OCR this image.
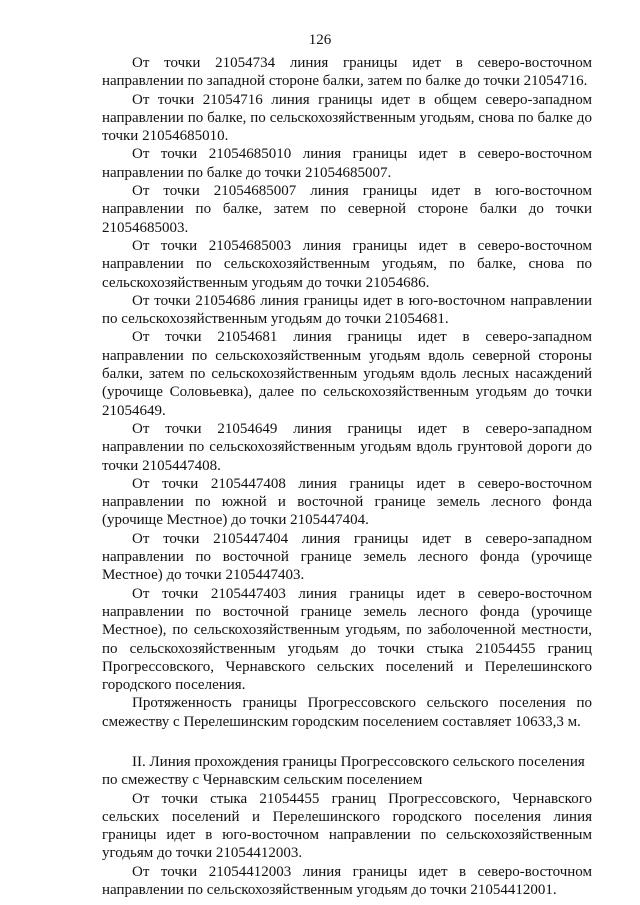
126

От точки 21054734 линия границы идет в северо-восточном направлении по западной стороне балки, затем по балке до точки 21054716.

От точки 21054716 линия границы идет в общем северо-западном направлении по балке, по сельскохозяйственным угодьям, снова по балке до точки 21054685010.

От точки 21054685010 линия границы идет в северо-восточном направлении по балке до точки 21054685007.

От точки 21054685007 линия границы идет в юго-восточном направлении по балке, затем по северной стороне балки до точки 21054685003.

От точки 21054685003 линия границы идет в северо-восточном направлении по сельскохозяйственным угодьям, по балке, снова по сельскохозяйственным угодьям до точки 21054686.

От точки 21054686 линия границы идет в юго-восточном направлении по сельскохозяйственным угодьям до точки 21054681.

От точки 21054681 линия границы идет в северо-западном направлении по сельскохозяйственным угодьям вдоль северной стороны балки, затем по сельскохозяйственным угодьям вдоль лесных насаждений (урочище Соловьевка), далее по сельскохозяйственным угодьям до точки 21054649.

От точки 21054649 линия границы идет в северо-западном направлении по сельскохозяйственным угодьям вдоль грунтовой дороги до точки 2105447408.

От точки 2105447408 линия границы идет в северо-восточном направлении по южной и восточной границе земель лесного фонда (урочище Местное) до точки 2105447404.

От точки 2105447404 линия границы идет в северо-западном направлении по восточной границе земель лесного фонда (урочище Местное) до точки 2105447403.

От точки 2105447403 линия границы идет в северо-восточном направлении по восточной границе земель лесного фонда (урочище Местное), по сельскохозяйственным угодьям, по заболоченной местности, по сельскохозяйственным угодьям до точки стыка 21054455 границ Прогрессовского, Чернавского сельских поселений и Перелешинского городского поселения.

Протяженность границы Прогрессовского сельского поселения по смежеству с Перелешинским городским поселением составляет 10633,3 м.

II. Линия прохождения границы Прогрессовского сельского поселения по смежеству с Чернавским сельским поселением

От точки стыка 21054455 границ Прогрессовского, Чернавского сельских поселений и Перелешинского городского поселения линия границы идет в юго-восточном направлении по сельскохозяйственным угодьям до точки 21054412003.

От точки 21054412003 линия границы идет в северо-восточном направлении по сельскохозяйственным угодьям до точки 21054412001.
